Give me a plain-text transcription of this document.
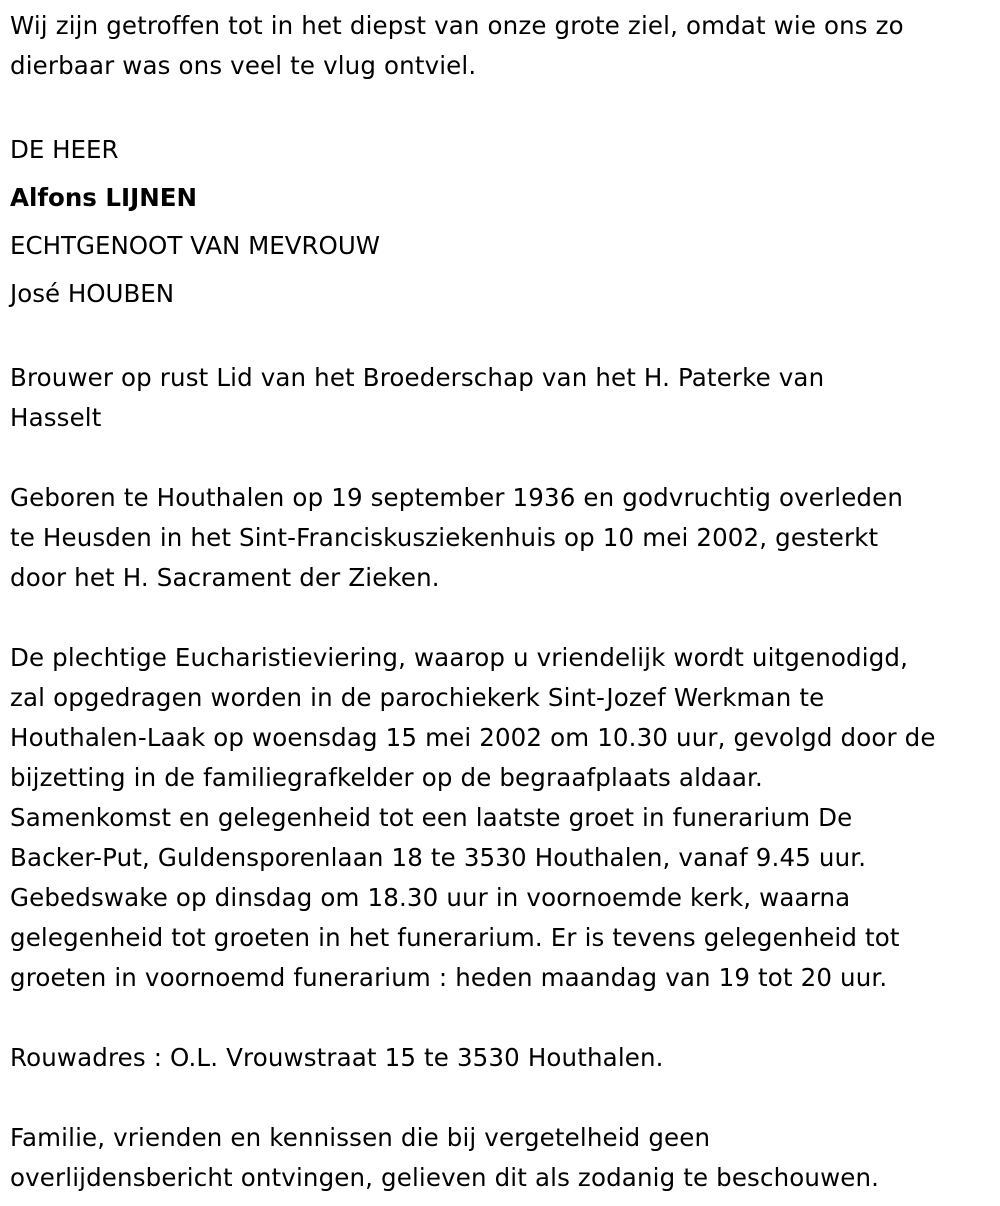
Wij zijn getroffen tot in het diepst van onze grote ziel, omdat wie ons zo
dierbaar was ons veel te vlug ontviel.
DE HEER
Alfons LIJNEN
ECHTGENOOT VAN MEVROUW
José HOUBEN
Brouwer op rust Lid van het Broederschap van het H. Paterke van
Hasselt
Geboren te Houthalen op 19 september 1936 en godvruchtig overleden
te Heusden in het Sint-Franciskusziekenhuis op 10 mei 2002, gesterkt
door het H. Sacrament der Zieken.
De plechtige Eucharistieviering, waarop u vriendelijk wordt uitgenodigd,
zal opgedragen worden in de parochiekerk Sint-Jozef Werkman te
Houthalen-Laak op woensdag 15 mei 2002 om 10.30 uur, gevolgd door de
bijzetting in de familiegrafkelder op de begraafplaats aldaar.
Samenkomst en gelegenheid tot een laatste groet in funerarium De
Backer-Put, Guldensporenlaan 18 te 3530 Houthalen, vanaf 9.45 uur.
Gebedswake op dinsdag om 18.30 uur in voornoemde kerk, waarna
gelegenheid tot groeten in het funerarium. Er is tevens gelegenheid tot
groeten in voornoemd funerarium : heden maandag van 19 tot 20 uur.
Rouwadres : O.L. Vrouwstraat 15 te 3530 Houthalen.
Familie, vrienden en kennissen die bij vergetelheid geen
overlijdensbericht ontvingen, gelieven dit als zodanig te beschouwen.
